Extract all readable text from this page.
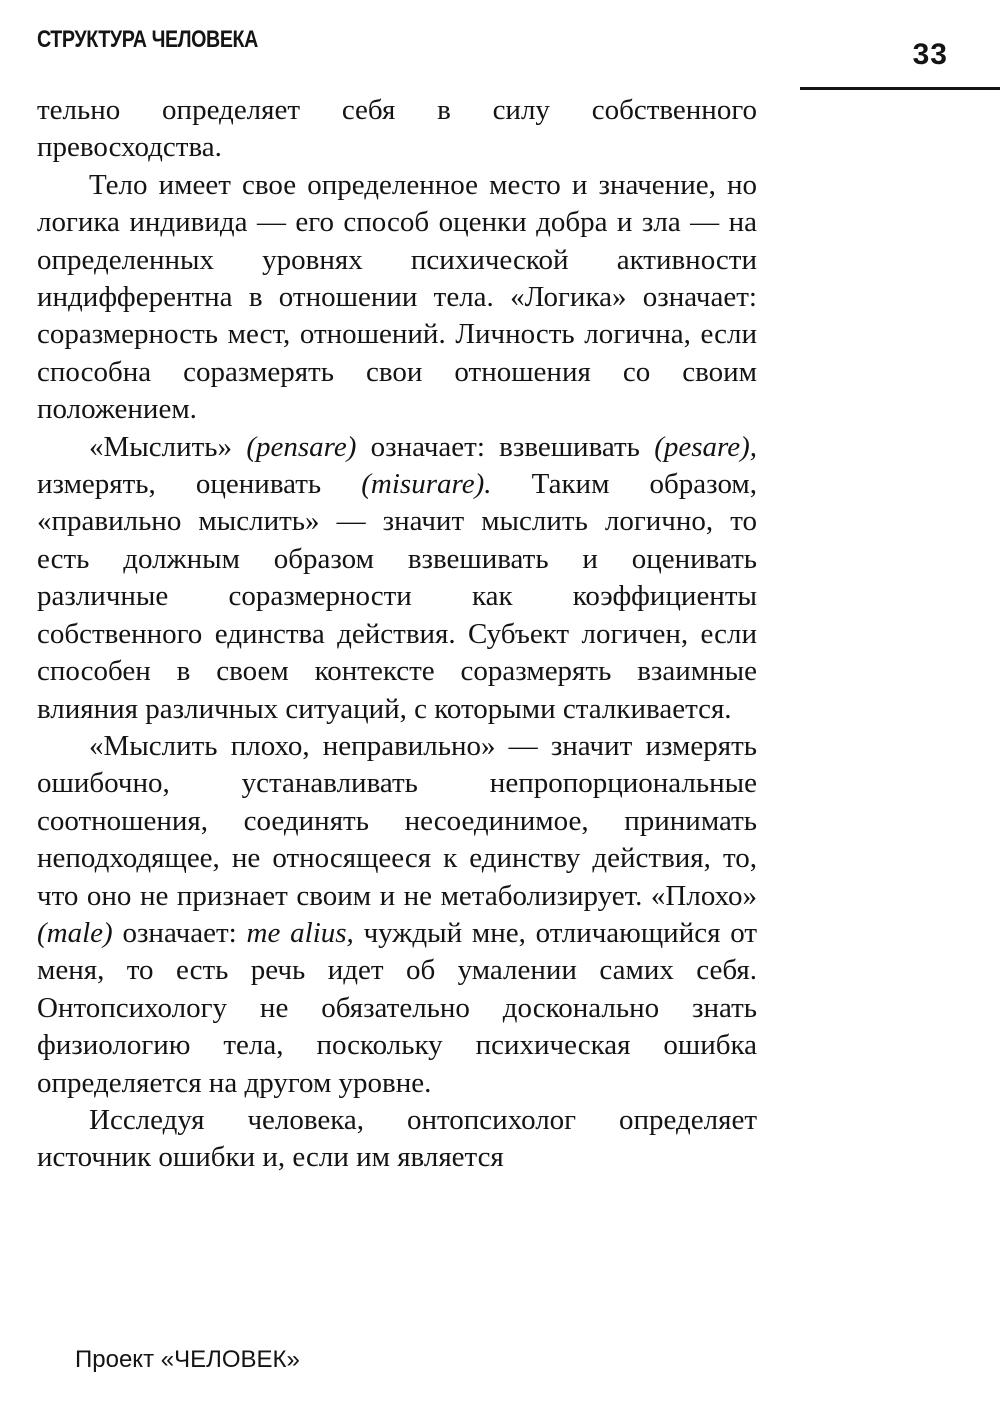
СТРУКТУРА ЧЕЛОВЕКА	33

тельно определяет себя в силу собственного превосходства.

Тело имеет свое определенное место и значение, но логика индивида — его способ оценки добра и зла — на определенных уровнях психической активности индифферентна в отношении тела. «Логика» означает: соразмерность мест, отношений. Личность логична, если способна соразмерять свои отношения со своим положением.

«Мыслить» (pensare) означает: взвешивать (pesare), измерять, оценивать (misurare). Таким образом, «правильно мыслить» — значит мыслить логично, то есть должным образом взвешивать и оценивать различные соразмерности как коэффициенты собственного единства действия. Субъект логичен, если способен в своем контексте соразмерять взаимные влияния различных ситуаций, с которыми сталкивается.

«Мыслить плохо, неправильно» — значит измерять ошибочно, устанавливать непропорциональные соотношения, соединять несоединимое, принимать неподходящее, не относящееся к единству действия, то, что оно не признает своим и не метаболизирует. «Плохо» (male) означает: me alius, чуждый мне, отличающийся от меня, то есть речь идет об умалении самих себя. Онтопсихологу не обязательно досконально знать физиологию тела, поскольку психическая ошибка определяется на другом уровне.

Исследуя человека, онтопсихолог определяет источник ошибки и, если им является

Проект «ЧЕЛОВЕК»
